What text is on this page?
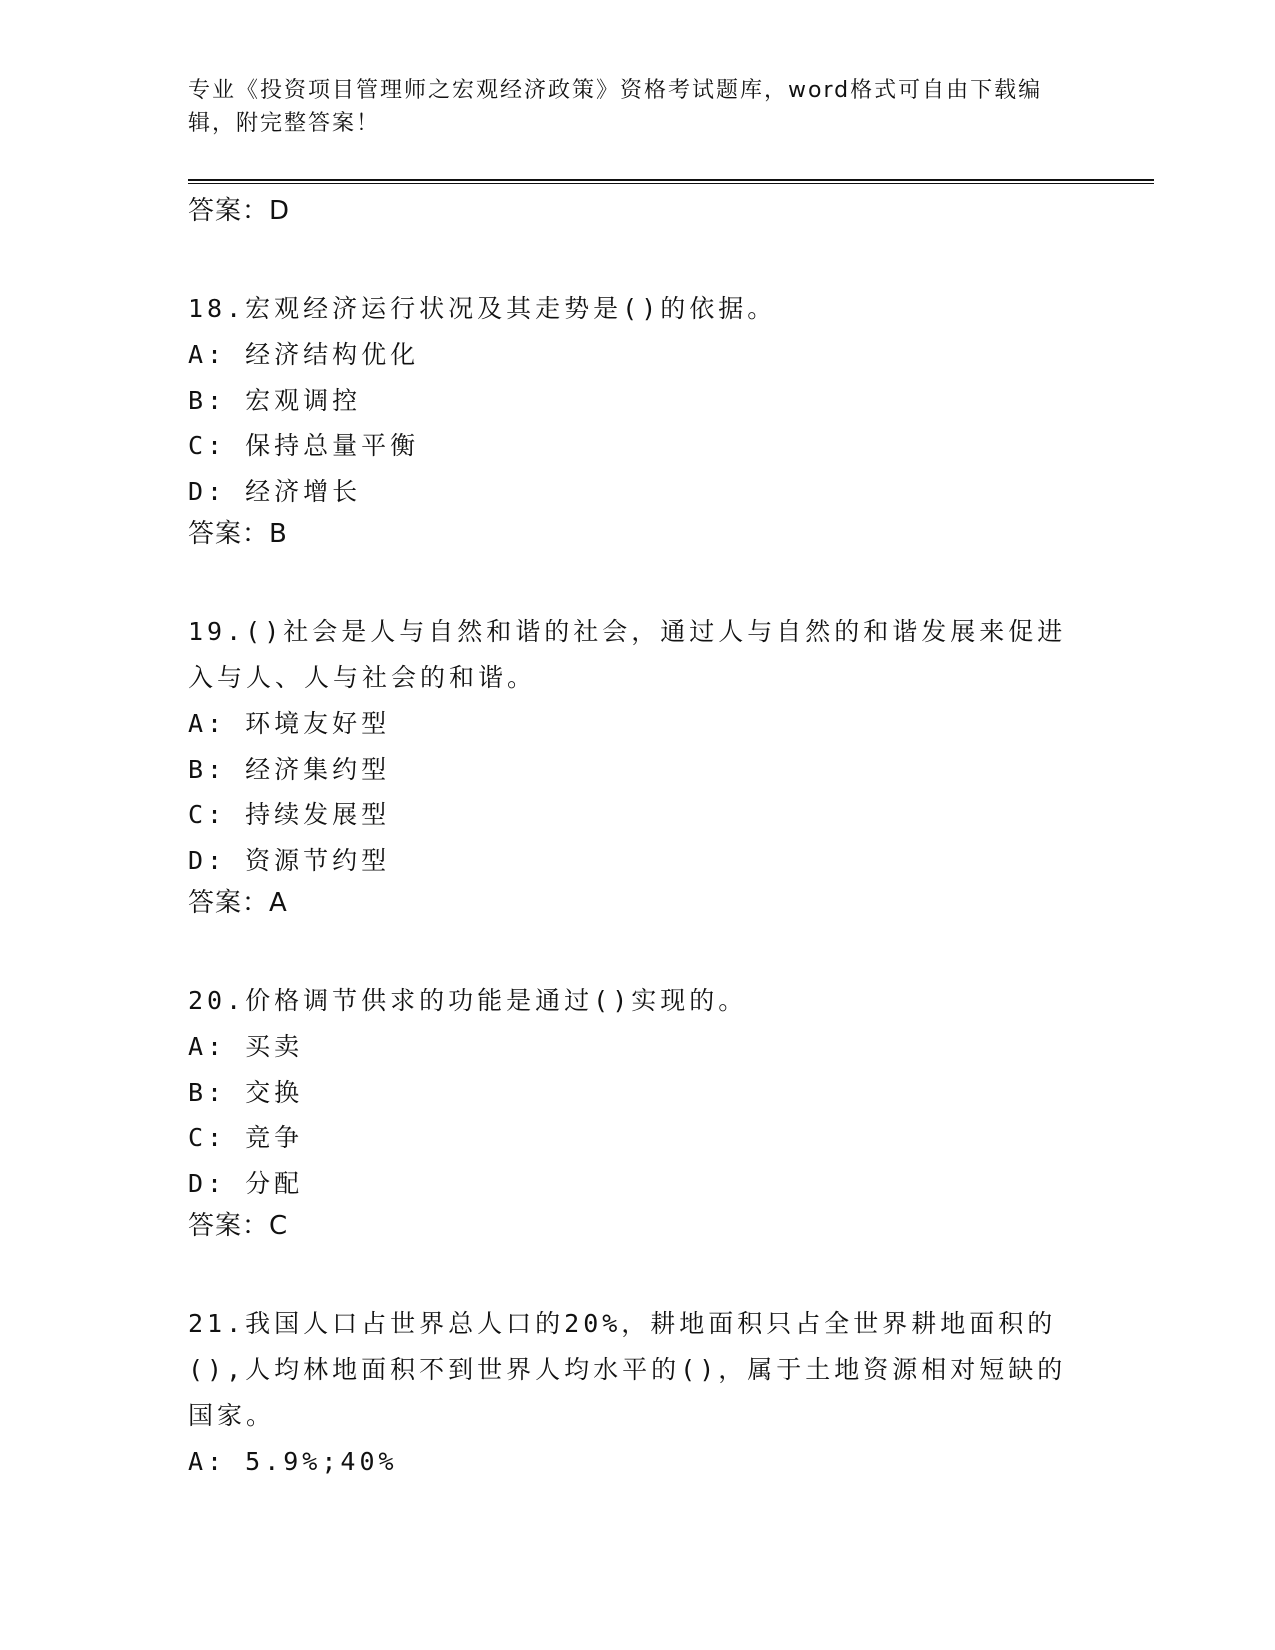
专业《投资项目管理师之宏观经济政策》资格考试题库，word格式可自由下载编辑，附完整答案！

答案：D

18.宏观经济运行状况及其走势是()的依据。

A: 经济结构优化

B: 宏观调控

C: 保持总量平衡

D: 经济增长

答案：B

19.()社会是人与自然和谐的社会，通过人与自然的和谐发展来促进入与人、人与社会的和谐。

A: 环境友好型

B: 经济集约型

C: 持续发展型

D: 资源节约型

答案：A

20.价格调节供求的功能是通过()实现的。

A: 买卖

B: 交换

C: 竞争

D: 分配

答案：C

21.我国人口占世界总人口的20%，耕地面积只占全世界耕地面积的(),人均林地面积不到世界人均水平的()，属于土地资源相对短缺的国家。

A: 5.9%;40%
